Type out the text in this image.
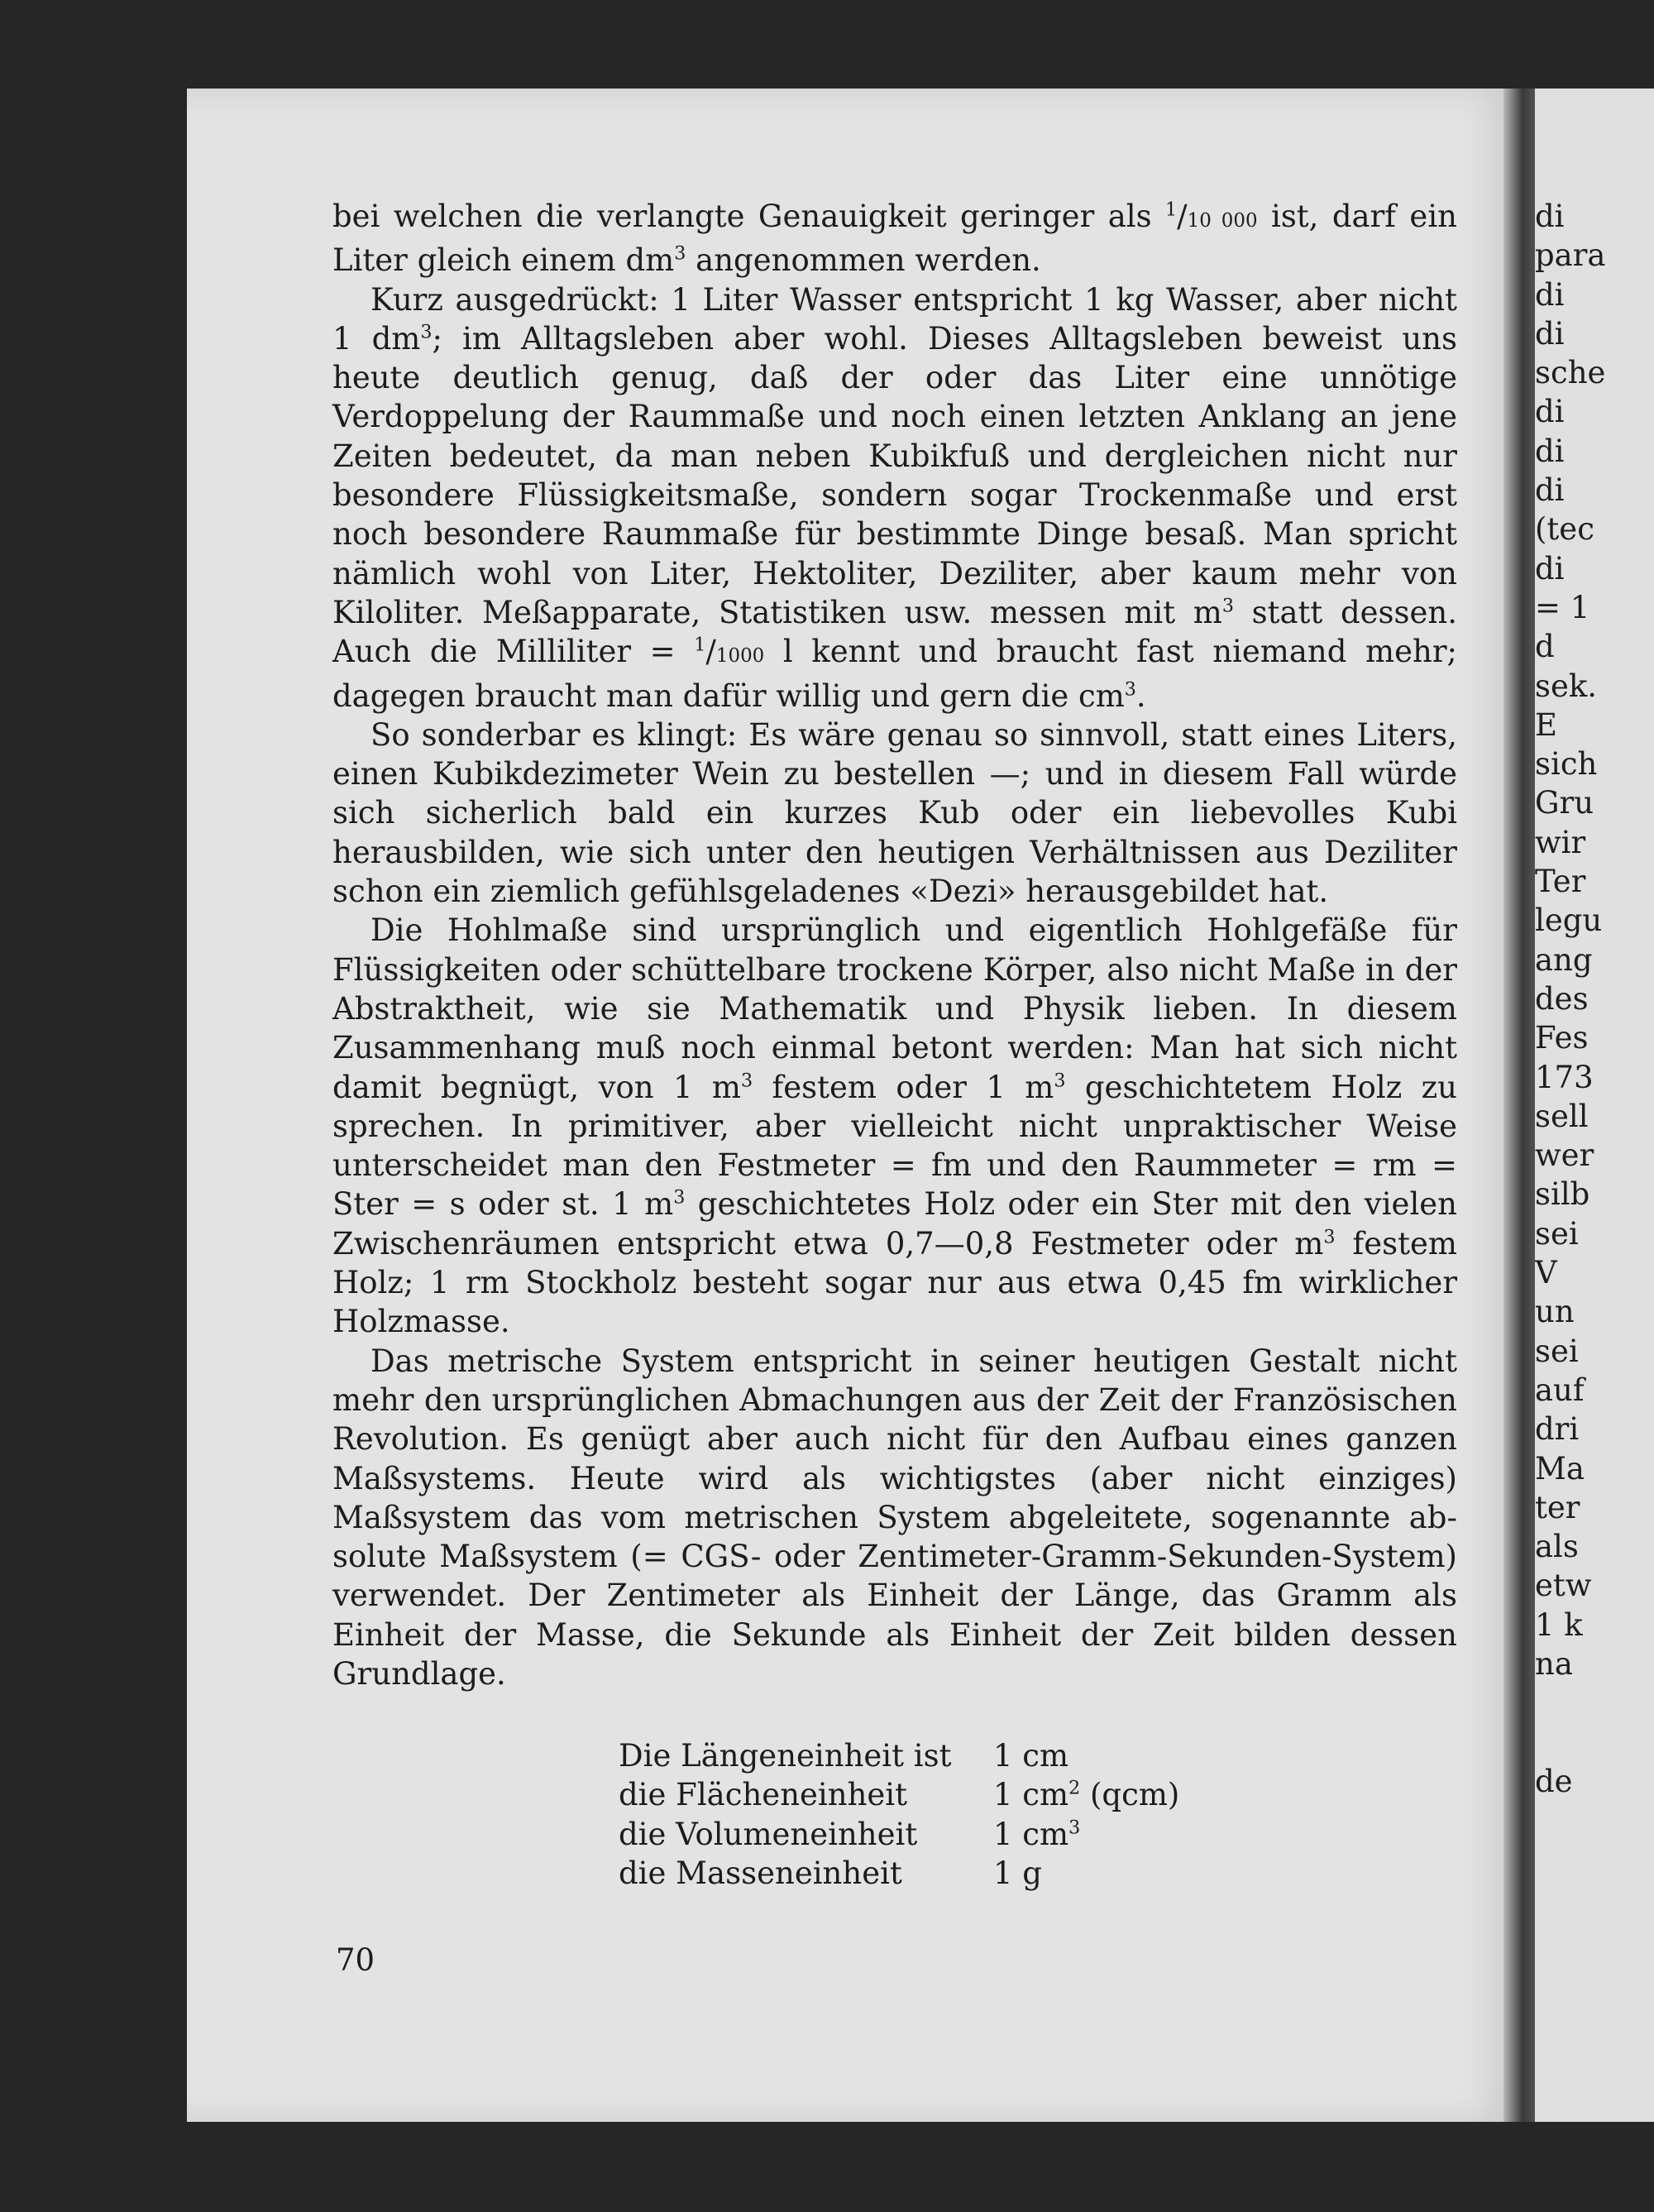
di
para
di
di
sche
di
di
di
(tec
di
= 1
d
sek.
E
sich
Gru
wir
Ter
legu
ang
des
Fes
173
sell
wer
silb
sei
V
un
sei
auf
dri
Ma
ter
als
etw
1 k
na
de

bei welchen die verlangte Genauigkeit geringer als $^1$/10 000 ist, darf ein Liter gleich einem $dm^3$ angenommen werden.

Kurz ausgedrückt: 1 Liter Wasser entspricht 1 kg Wasser, aber nicht 1 $dm^3$; im Alltagsleben aber wohl. Dieses Alltagsleben beweist uns heute deutlich genug, daß der oder das Liter eine unnötige Verdoppelung der Raummaße und noch einen letzten Anklang an jene Zeiten bedeutet, da man neben Kubikfuß und dergleichen nicht nur besondere Flüssigkeitsmaße, sondern sogar Trockenmaße und erst noch besondere Raummaße für bestimmte Dinge besaß. Man spricht nämlich wohl von Liter, Hektoliter, Deziliter, aber kaum mehr von Kiloliter. Meßapparate, Statistiken usw. messen mit $m^3$ statt dessen. Auch die Milliliter = $^1$/1000 l kennt und braucht fast niemand mehr; dagegen braucht man dafür willig und gern die $cm^3$.

So sonderbar es klingt: Es wäre genau so sinnvoll, statt eines Liters, einen Kubikdezimeter Wein zu bestellen —; und in diesem Fall würde sich sicherlich bald ein kurzes Kub oder ein liebevolles Kubi herausbilden, wie sich unter den heutigen Verhältnissen aus Deziliter schon ein ziemlich gefühlsgeladenes «Dezi» herausgebildet hat.

Die Hohlmaße sind ursprünglich und eigentlich Hohlgefäße für Flüssigkeiten oder schüttelbare trockene Körper, also nicht Maße in der Abstraktheit, wie sie Mathematik und Physik lieben. In diesem Zusammenhang muß noch einmal betont werden: Man hat sich nicht damit begnügt, von 1 $m^3$ festem oder 1 $m^3$ geschichtetem Holz zu sprechen. In primitiver, aber vielleicht nicht unpraktischer Weise unterscheidet man den Festmeter = fm und den Raummeter = rm = Ster = s oder st. 1 $m^3$ geschichtetes Holz oder ein Ster mit den vielen Zwischenräumen entspricht etwa 0,7—0,8 Festmeter oder $m^3$ festem Holz; 1 rm Stockholz besteht sogar nur aus etwa 0,45 fm wirklicher Holzmasse.

Das metrische System entspricht in seiner heutigen Gestalt nicht mehr den ursprünglichen Abmachungen aus der Zeit der Französischen Revolution. Es genügt aber auch nicht für den Aufbau eines ganzen Maßsystems. Heute wird als wichtigstes (aber nicht einziges) Maßsystem das vom metrischen System abgeleitete, sogenannte absolute Maßsystem (= CGS- oder Zentimeter-Gramm-Sekunden-System) verwendet. Der Zentimeter als Einheit der Länge, das Gramm als Einheit der Masse, die Sekunde als Einheit der Zeit bilden dessen Grundlage.

Die Längeneinheit ist	1 cm
die Flächeneinheit	1 $cm^2$ (qcm)
die Volumeneinheit	1 $cm^3$
die Masseneinheit	1 g
70
